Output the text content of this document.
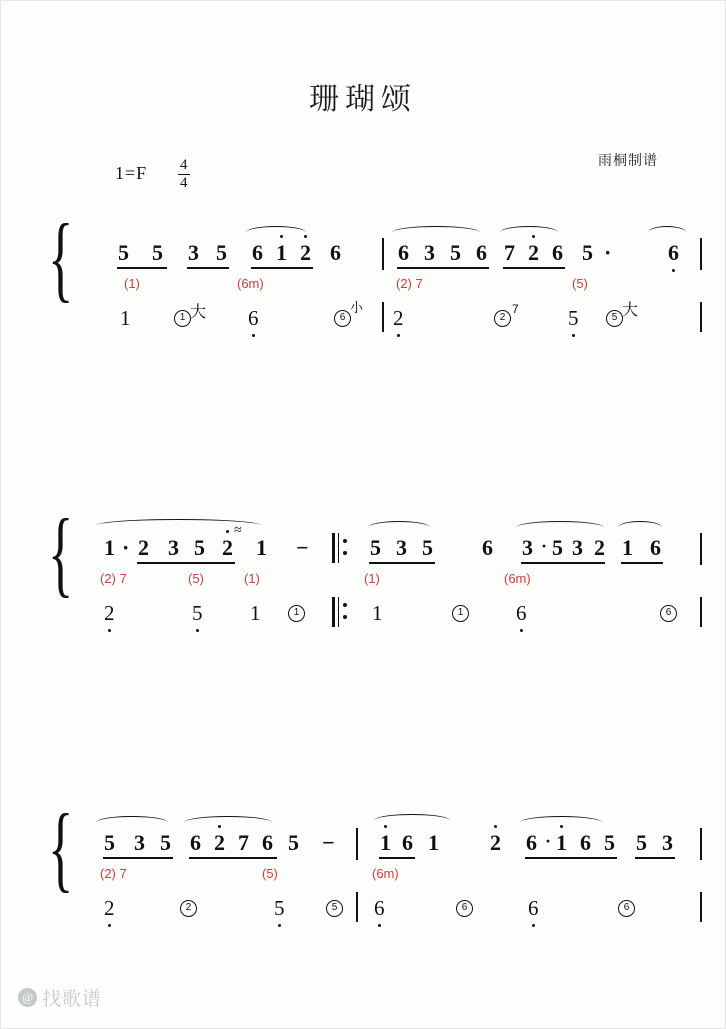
珊瑚颂
雨桐制谱
$1=F \frac{4}{4}$
{ 5 5 3 5 6 1 2 6	6 3 5 6 7 2 6 5 ·	6
(1)	(6m)	(2) 7	(5)
1	6	2	5
1	6	2	5
大	小	7	大
{	≈
1 · 2 3 5 2 1 −	5 3 5 6 3 · 5 3 2 1 6
(2) 7	(5)	(1)	(1)	(6m)
2	5 1	1	6
1	1	6
{ 5 3 5 6 2 7 6 5 − 1 6 1 2 6 · 1 6 5 5 3
(2) 7	(5)	(6m)
2	5	6	6
2	5	6	6
@ 找歌谱
